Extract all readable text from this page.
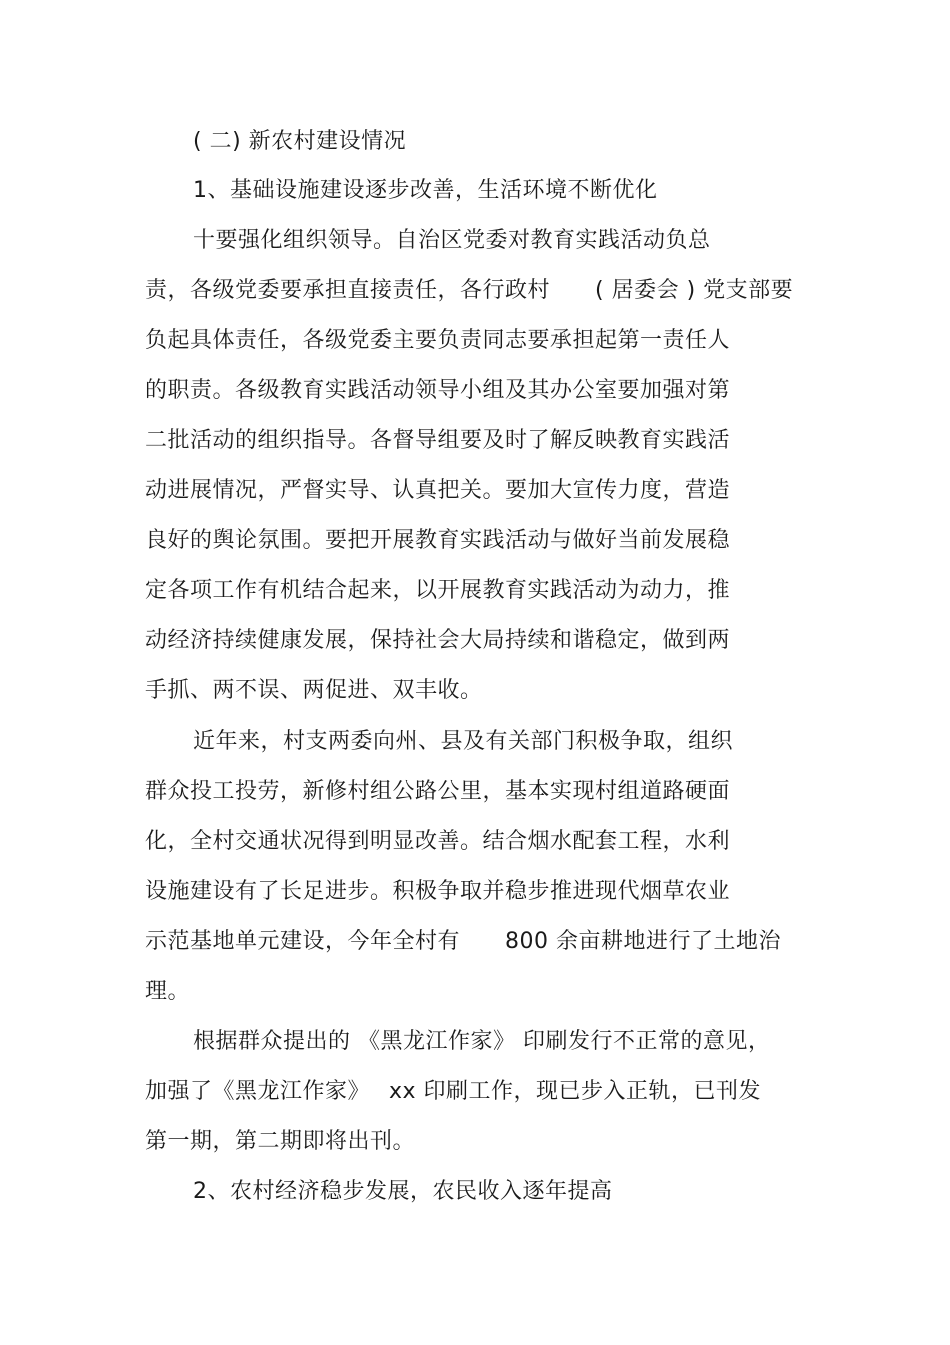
( 二) 新农村建设情况
1、基础设施建设逐步改善，生活环境不断优化
十要强化组织领导。自治区党委对教育实践活动负总
责，各级党委要承担直接责任，各行政村　　( 居委会 ) 党支部要
负起具体责任，各级党委主要负责同志要承担起第一责任人
的职责。各级教育实践活动领导小组及其办公室要加强对第
二批活动的组织指导。各督导组要及时了解反映教育实践活
动进展情况，严督实导、认真把关。要加大宣传力度，营造
良好的舆论氛围。要把开展教育实践活动与做好当前发展稳
定各项工作有机结合起来，以开展教育实践活动为动力，推
动经济持续健康发展，保持社会大局持续和谐稳定，做到两
手抓、两不误、两促进、双丰收。
近年来，村支两委向州、县及有关部门积极争取，组织
群众投工投劳，新修村组公路公里，基本实现村组道路硬面
化，全村交通状况得到明显改善。结合烟水配套工程，水利
设施建设有了长足进步。积极争取并稳步推进现代烟草农业
示范基地单元建设，今年全村有　　800 余亩耕地进行了土地治
理。
根据群众提出的 《黑龙江作家》 印刷发行不正常的意见，
加强了《黑龙江作家》　 xx 印刷工作，现已步入正轨，已刊发
第一期，第二期即将出刊。
2、农村经济稳步发展，农民收入逐年提高
